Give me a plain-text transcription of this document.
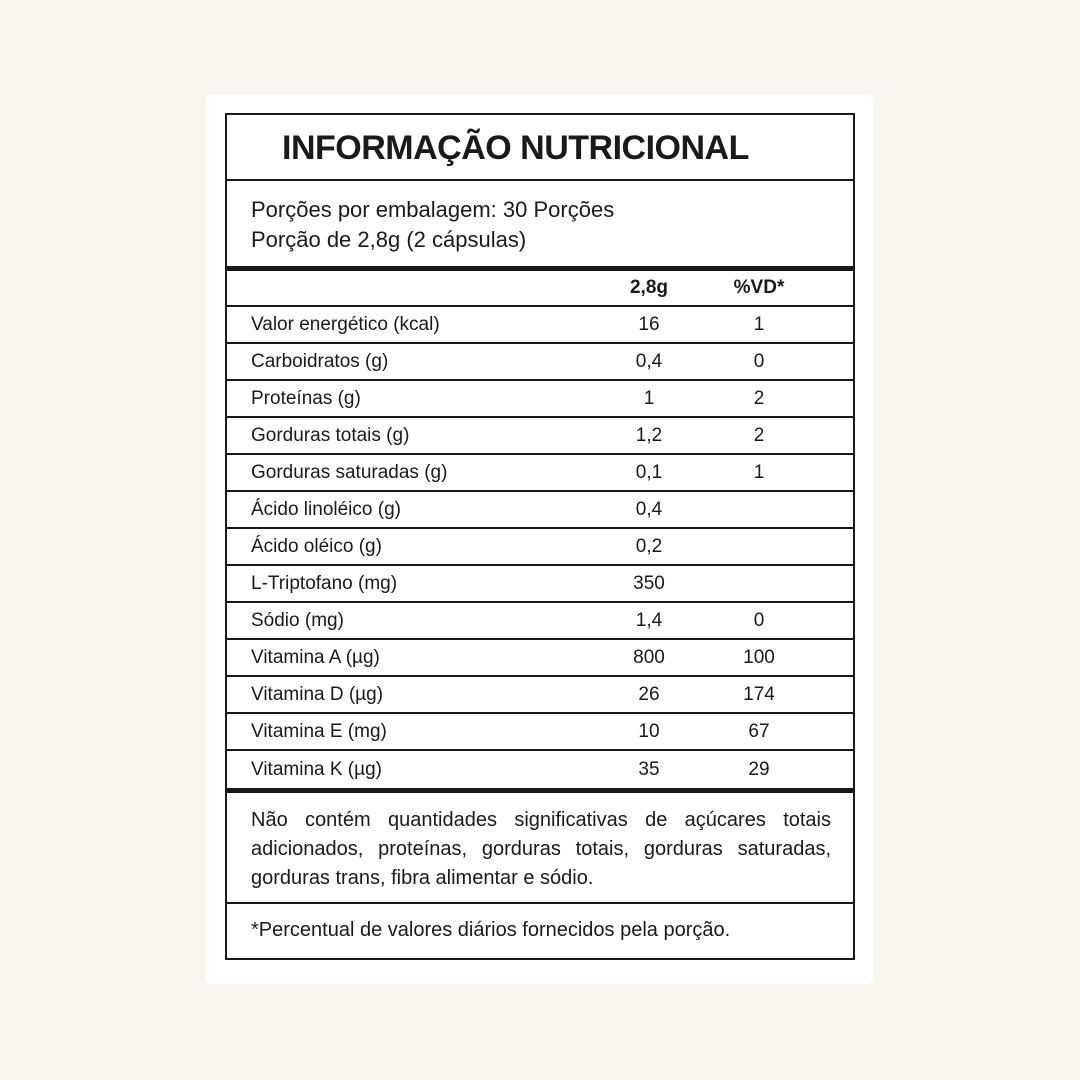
INFORMAÇÃO NUTRICIONAL
Porções por embalagem: 30 Porções
Porção de 2,8g (2 cápsulas)
2,8g	%VD*
Valor energético (kcal)	16	1
Carboidratos (g)	0,4	0
Proteínas (g)	1	2
Gorduras totais (g)	1,2	2
Gorduras saturadas (g)	0,1	1
Ácido linoléico (g)	0,4
Ácido oléico (g)	0,2
L-Triptofano (mg)	350
Sódio (mg)	1,4	0
Vitamina A (µg)	800	100
Vitamina D (µg)	26	174
Vitamina E (mg)	10	67
Vitamina K (µg)	35	29
Não contém quantidades significativas de açúcares totais adicionados, proteínas, gorduras totais, gorduras saturadas, gorduras trans, fibra alimentar e sódio.
*Percentual de valores diários fornecidos pela porção.
